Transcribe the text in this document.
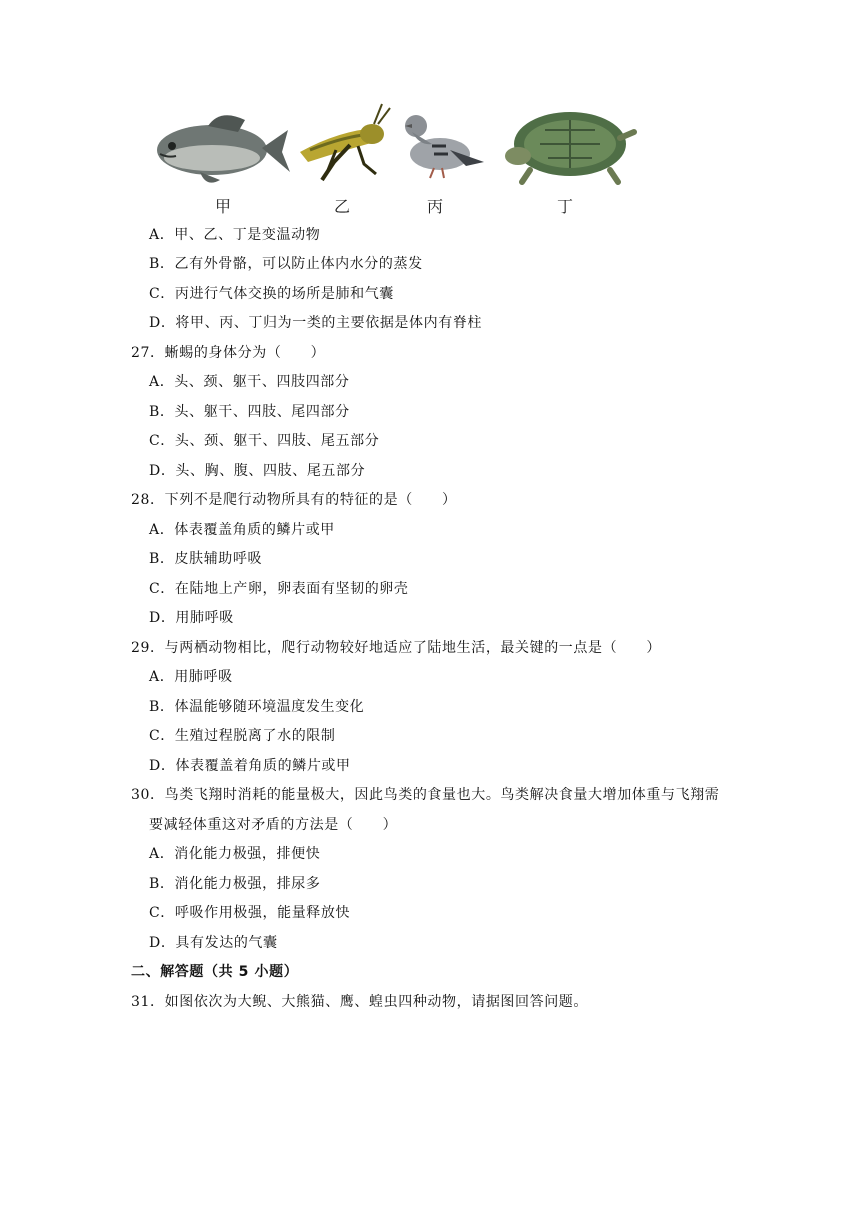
甲	乙	丙	丁
A．甲、乙、丁是变温动物
B．乙有外骨骼，可以防止体内水分的蒸发
C．丙进行气体交换的场所是肺和气囊
D．将甲、丙、丁归为一类的主要依据是体内有脊柱
27．蜥蜴的身体分为（　　）
A．头、颈、躯干、四肢四部分
B．头、躯干、四肢、尾四部分
C．头、颈、躯干、四肢、尾五部分
D．头、胸、腹、四肢、尾五部分
28．下列不是爬行动物所具有的特征的是（　　）
A．体表覆盖角质的鳞片或甲
B．皮肤辅助呼吸
C．在陆地上产卵，卵表面有坚韧的卵壳
D．用肺呼吸
29．与两栖动物相比，爬行动物较好地适应了陆地生活，最关键的一点是（　　）
A．用肺呼吸
B．体温能够随环境温度发生变化
C．生殖过程脱离了水的限制
D．体表覆盖着角质的鳞片或甲
30．鸟类飞翔时消耗的能量极大，因此鸟类的食量也大。鸟类解决食量大增加体重与飞翔需
要减轻体重这对矛盾的方法是（　　）
A．消化能力极强，排便快
B．消化能力极强，排尿多
C．呼吸作用极强，能量释放快
D．具有发达的气囊
二、解答题（共 5 小题）
31．如图依次为大鲵、大熊猫、鹰、蝗虫四种动物，请据图回答问题。
